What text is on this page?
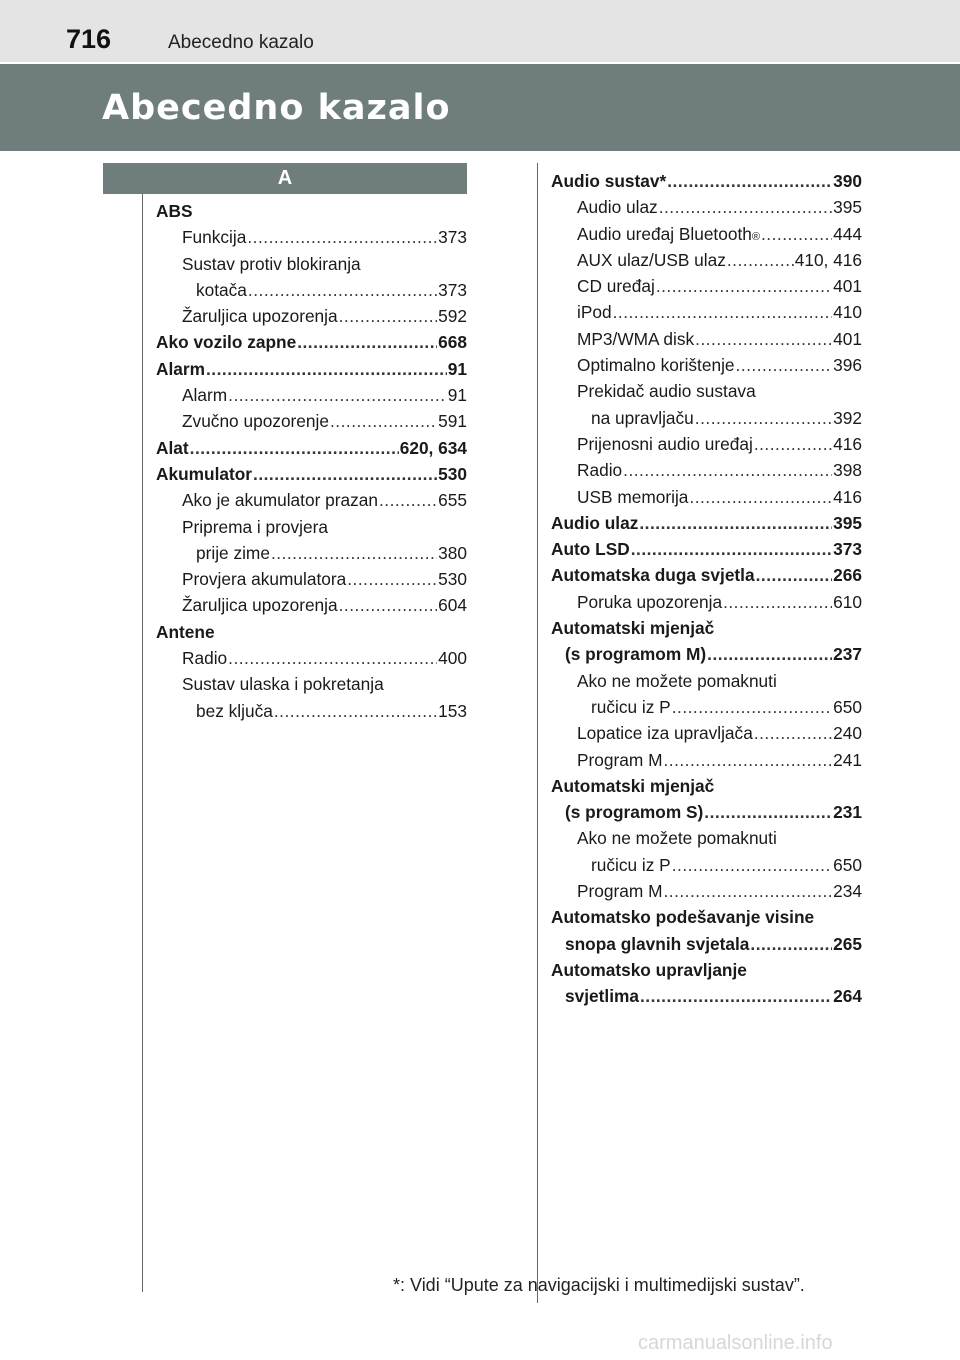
716	Abecedno kazalo
Abecedno kazalo
A
ABS
Funkcija .....	373
Sustav protiv blokiranja
kotača .....	373
Žaruljica upozorenja .....	592
Ako vozilo zapne .....	668
Alarm .....	91
Alarm .....	91
Zvučno upozorenje .....	591
Alat .....	620, 634
Akumulator .....	530
Ako je akumulator prazan .....	655
Priprema i provjera
prije zime .....	380
Provjera akumulatora .....	530
Žaruljica upozorenja .....	604
Antene
Radio .....	400
Sustav ulaska i pokretanja
bez ključa .....	153
Audio sustav* .....	390
Audio ulaz .....	395
Audio uređaj Bluetooth ® .....	444
AUX ulaz/USB ulaz .....	410, 416
CD uređaj .....	401
iPod .....	410
MP3/WMA disk .....	401
Optimalno korištenje .....	396
Prekidač audio sustava
na upravljaču .....	392
Prijenosni audio uređaj .....	416
Radio .....	398
USB memorija .....	416
Audio ulaz .....	395
Auto LSD .....	373
Automatska duga svjetla .....	266
Poruka upozorenja .....	610
Automatski mjenjač
(s programom M) .....	237
Ako ne možete pomaknuti
ručicu iz P .....	650
Lopatice iza upravljača .....	240
Program M .....	241
Automatski mjenjač
(s programom S) .....	231
Ako ne možete pomaknuti
ručicu iz P .....	650
Program M .....	234
Automatsko podešavanje visine
snopa glavnih svjetala .....	265
Automatsko upravljanje
svjetlima .....	264
*: Vidi “Upute za navigacijski i multimedijski sustav”.
carmanualsonline.info
